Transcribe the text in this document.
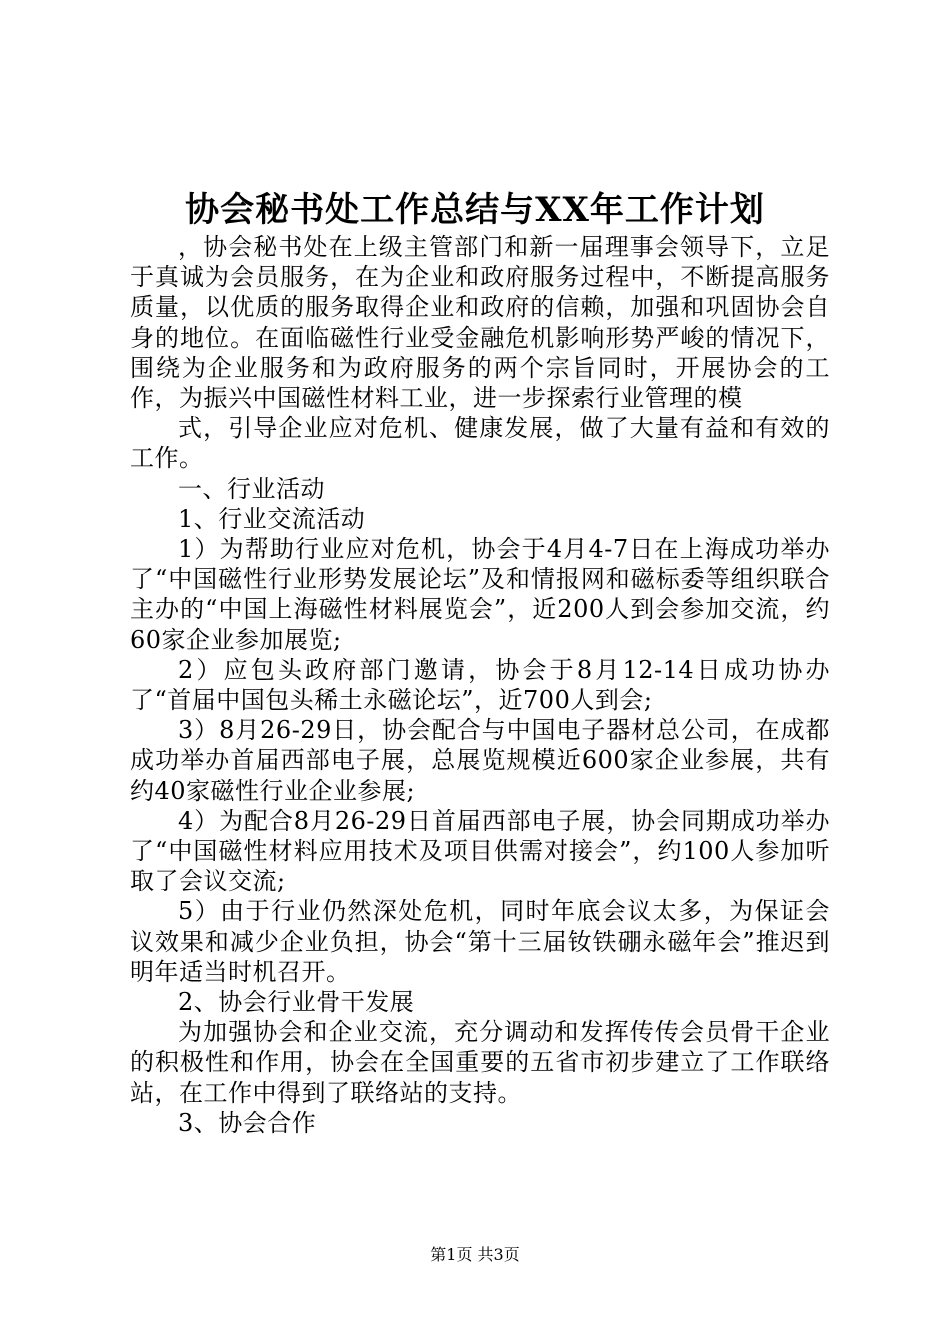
协会秘书处工作总结与XX年工作计划

，协会秘书处在上级主管部门和新一届理事会领导下，立足于真诚为会员服务，在为企业和政府服务过程中，不断提高服务质量，以优质的服务取得企业和政府的信赖，加强和巩固协会自身的地位。在面临磁性行业受金融危机影响形势严峻的情况下，围绕为企业服务和为政府服务的两个宗旨同时，开展协会的工作，为振兴中国磁性材料工业，进一步探索行业管理的模

式，引导企业应对危机、健康发展，做了大量有益和有效的工作。

一、行业活动

1、行业交流活动

1）为帮助行业应对危机，协会于4月4-7日在上海成功举办了“中国磁性行业形势发展论坛”及和情报网和磁标委等组织联合主办的“中国上海磁性材料展览会”，近200人到会参加交流，约60家企业参加展览;

2）应包头政府部门邀请，协会于8月12-14日成功协办了“首届中国包头稀土永磁论坛”，近700人到会;

3）8月26-29日，协会配合与中国电子器材总公司，在成都成功举办首届西部电子展，总展览规模近600家企业参展，共有约40家磁性行业企业参展;

4）为配合8月26-29日首届西部电子展，协会同期成功举办了“中国磁性材料应用技术及项目供需对接会”，约100人参加听取了会议交流;

5）由于行业仍然深处危机，同时年底会议太多，为保证会议效果和减少企业负担，协会“第十三届钕铁硼永磁年会”推迟到明年适当时机召开。

2、协会行业骨干发展

为加强协会和企业交流，充分调动和发挥传传会员骨干企业的积极性和作用，协会在全国重要的五省市初步建立了工作联络站，在工作中得到了联络站的支持。

3、协会合作

第1页 共3页
